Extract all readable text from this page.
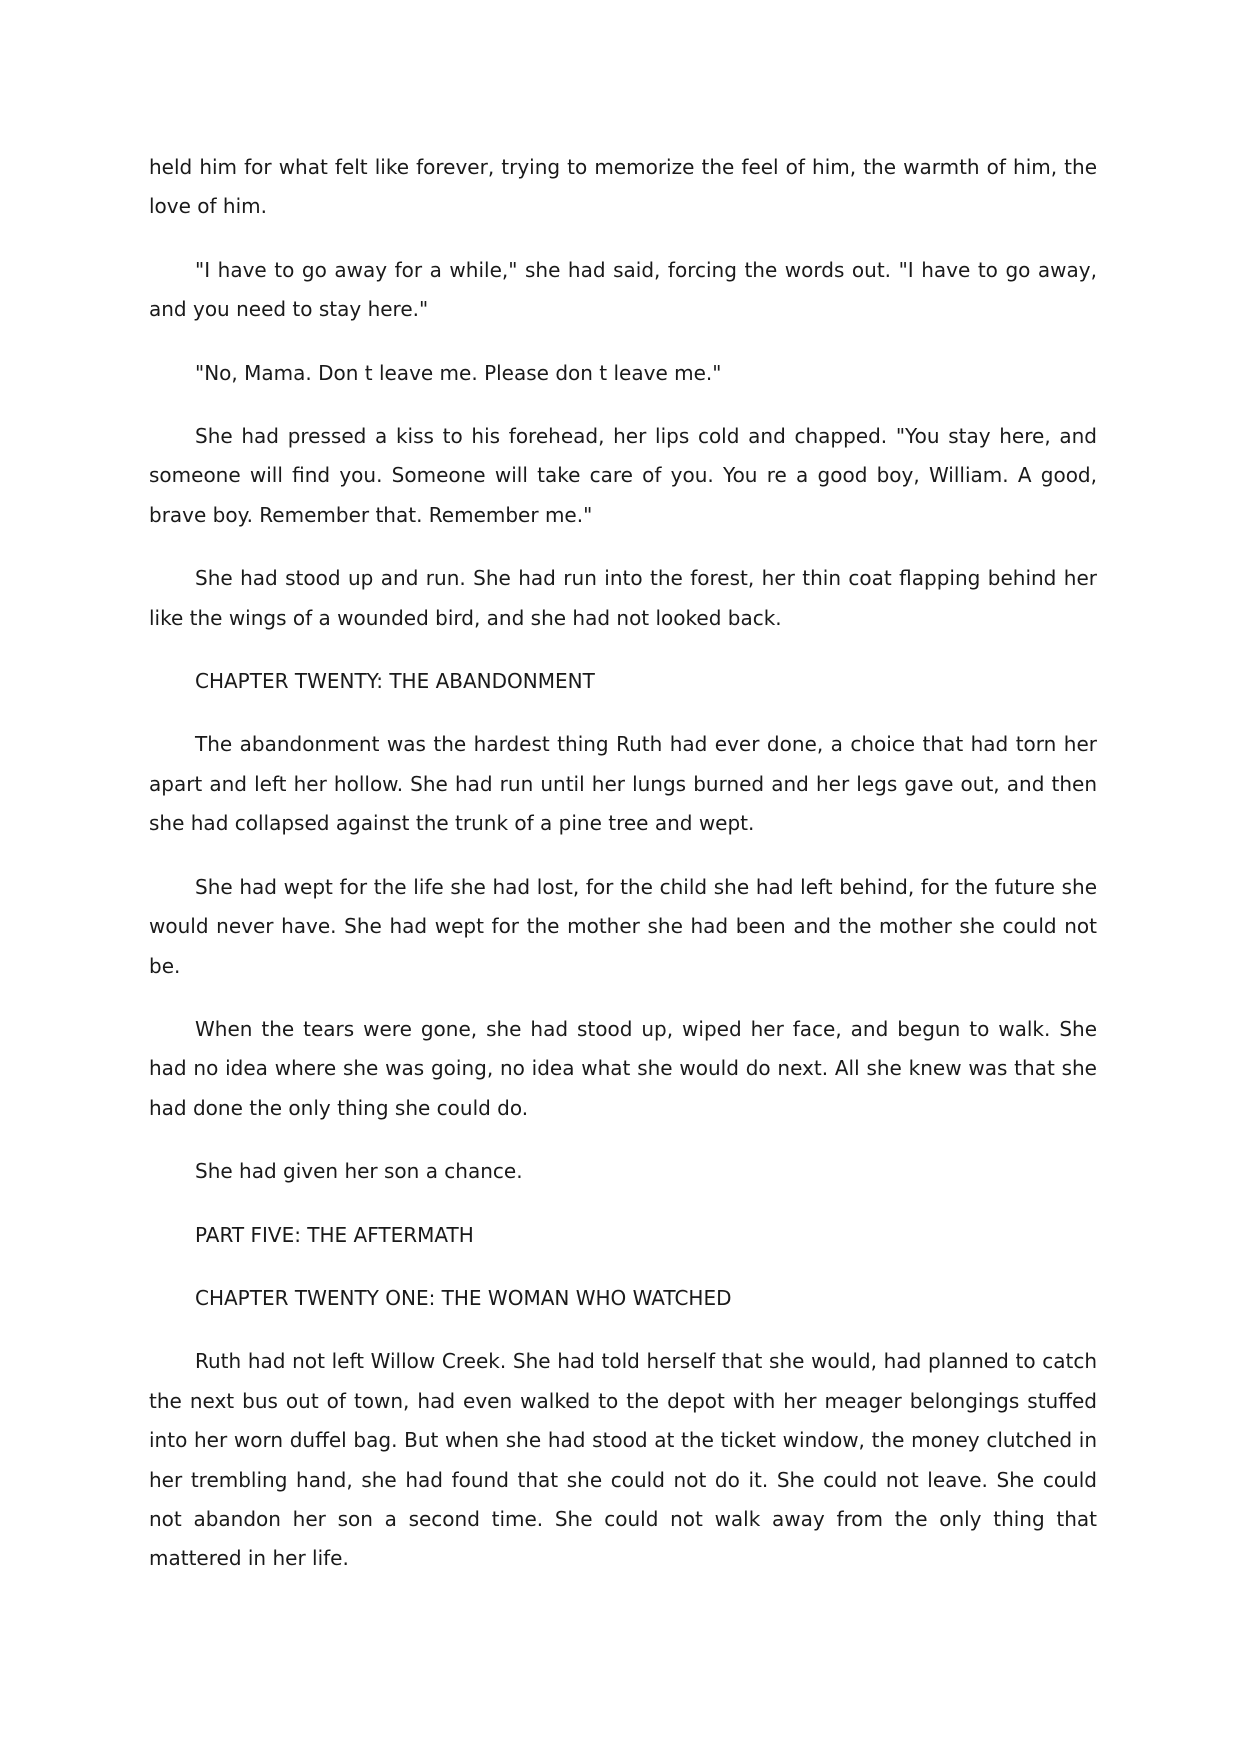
held him for what felt like forever, trying to memorize the feel of him, the warmth of him, the love of him.

"I have to go away for a while," she had said, forcing the words out. "I have to go away, and you need to stay here."

"No, Mama. Don t leave me. Please don t leave me."

She had pressed a kiss to his forehead, her lips cold and chapped. "You stay here, and someone will find you. Someone will take care of you. You re a good boy, William. A good, brave boy. Remember that. Remember me."

She had stood up and run. She had run into the forest, her thin coat flapping behind her like the wings of a wounded bird, and she had not looked back.

CHAPTER TWENTY: THE ABANDONMENT

The abandonment was the hardest thing Ruth had ever done, a choice that had torn her apart and left her hollow. She had run until her lungs burned and her legs gave out, and then she had collapsed against the trunk of a pine tree and wept.

She had wept for the life she had lost, for the child she had left behind, for the future she would never have. She had wept for the mother she had been and the mother she could not be.

When the tears were gone, she had stood up, wiped her face, and begun to walk. She had no idea where she was going, no idea what she would do next. All she knew was that she had done the only thing she could do.

She had given her son a chance.

PART FIVE: THE AFTERMATH

CHAPTER TWENTY ONE: THE WOMAN WHO WATCHED

Ruth had not left Willow Creek. She had told herself that she would, had planned to catch the next bus out of town, had even walked to the depot with her meager belongings stuffed into her worn duffel bag. But when she had stood at the ticket window, the money clutched in her trembling hand, she had found that she could not do it. She could not leave. She could not abandon her son a second time. She could not walk away from the only thing that mattered in her life.
